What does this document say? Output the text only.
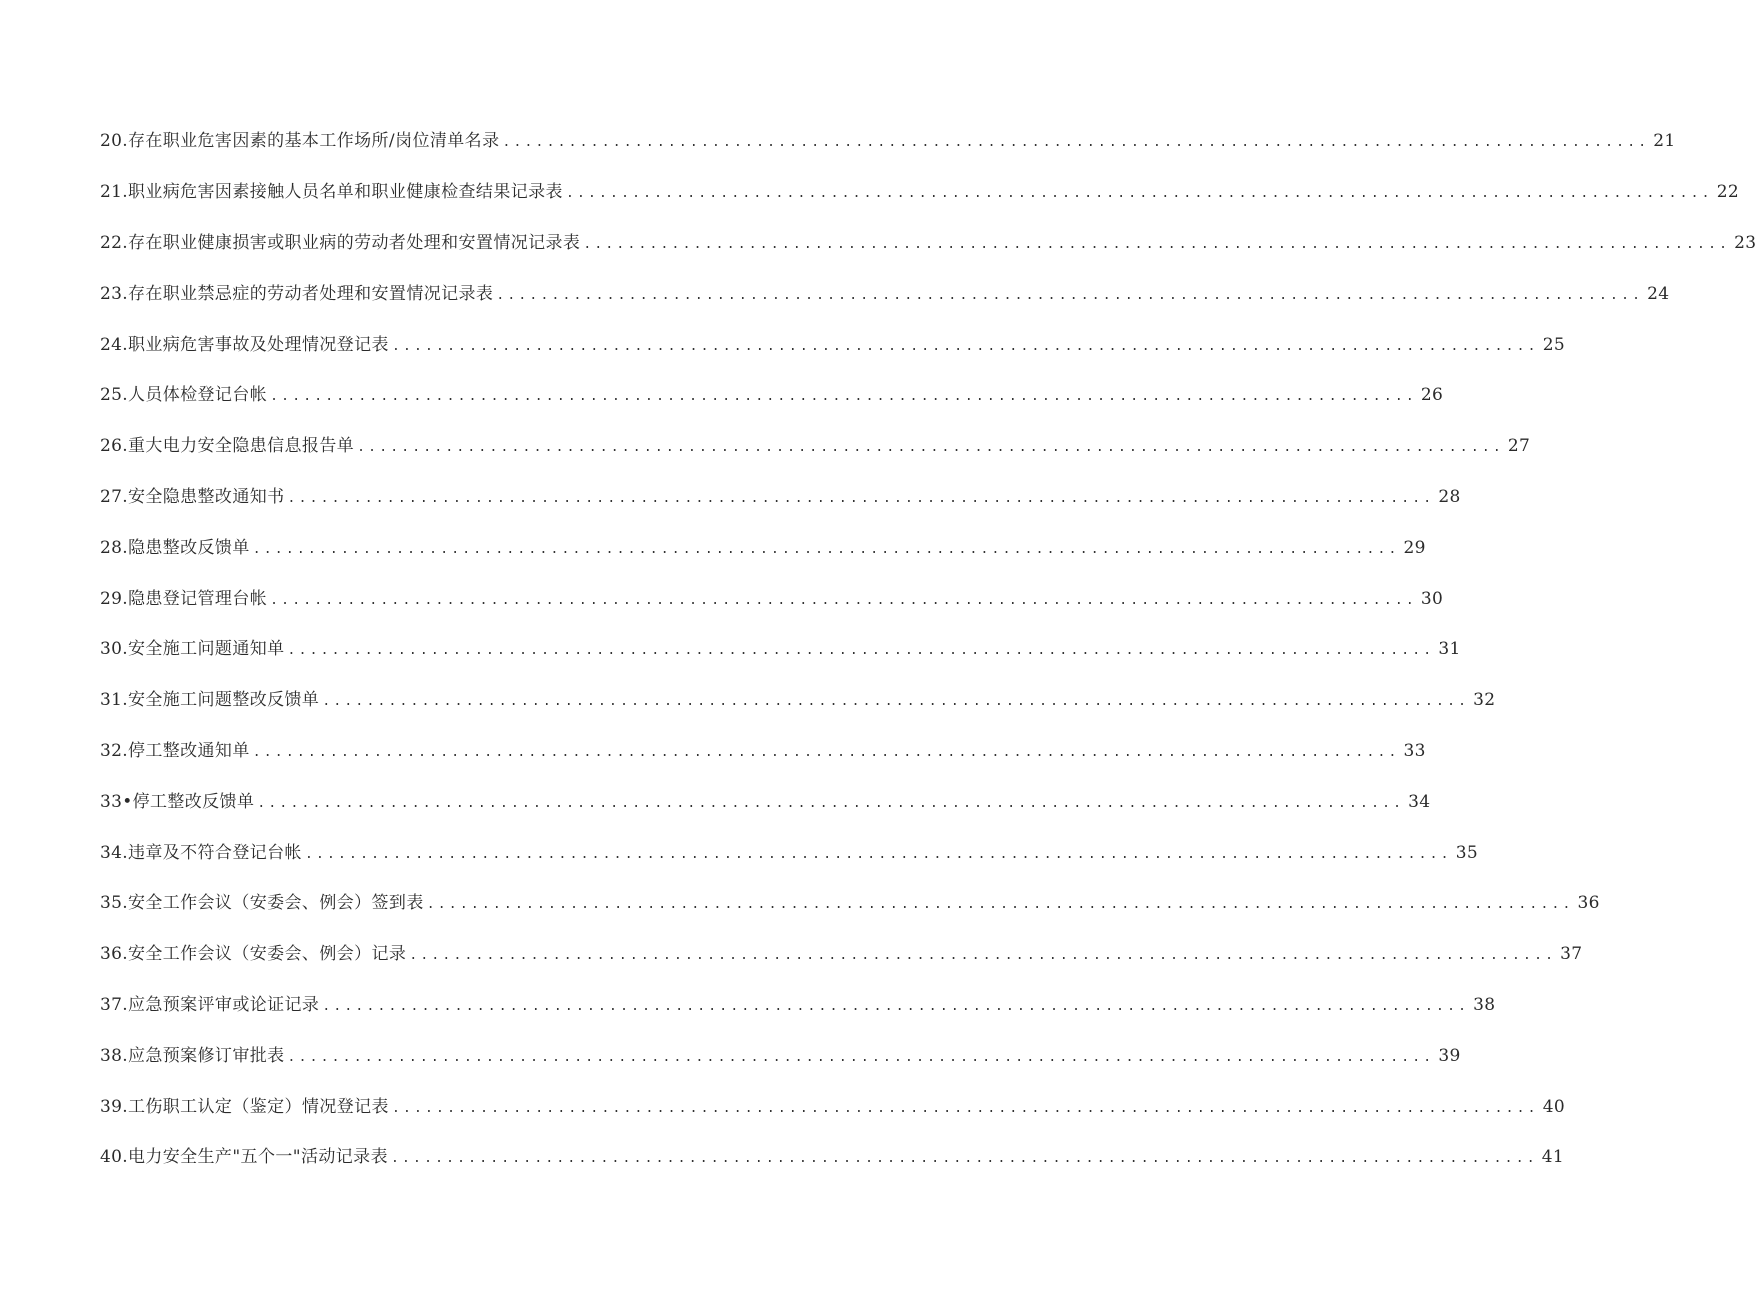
20. 存在职业危害因素的基本工作场所/岗位清单名录 ........................................................................................................ 21
21. 职业病危害因素接触人员名单和职业健康检查结果记录表 ........................................................................................................ 22
22. 存在职业健康损害或职业病的劳动者处理和安置情况记录表 ........................................................................................................ 23
23. 存在职业禁忌症的劳动者处理和安置情况记录表 ........................................................................................................ 24
24. 职业病危害事故及处理情况登记表 ........................................................................................................ 25
25. 人员体检登记台帐 ........................................................................................................ 26
26. 重大电力安全隐患信息报告单 ........................................................................................................ 27
27. 安全隐患整改通知书 ........................................................................................................ 28
28. 隐患整改反馈单 ........................................................................................................ 29
29. 隐患登记管理台帐 ........................................................................................................ 30
30. 安全施工问题通知单 ........................................................................................................ 31
31. 安全施工问题整改反馈单 ........................................................................................................ 32
32. 停工整改通知单 ........................................................................................................ 33
33• 停工整改反馈单 ........................................................................................................ 34
34. 违章及不符合登记台帐 ........................................................................................................ 35
35. 安全工作会议（安委会、例会）签到表 ........................................................................................................ 36
36. 安全工作会议（安委会、例会）记录 ........................................................................................................ 37
37. 应急预案评审或论证记录 ........................................................................................................ 38
38. 应急预案修订审批表 ........................................................................................................ 39
39. 工伤职工认定（鉴定）情况登记表 ........................................................................................................ 40
40. 电力安全生产"五个一"活动记录表 ........................................................................................................ 41
